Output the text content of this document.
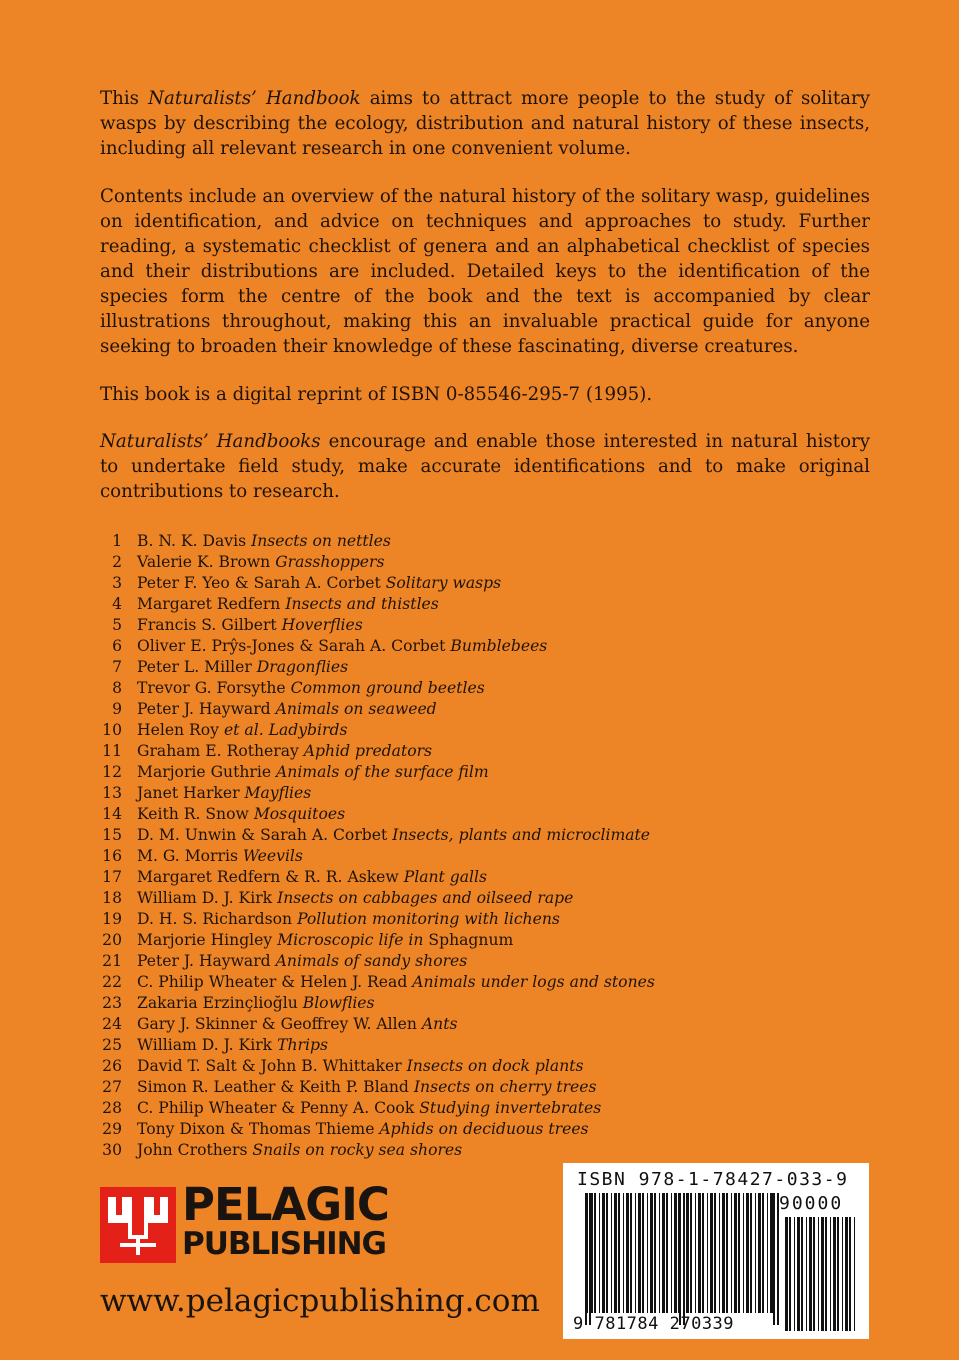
This Naturalists’ Handbook aims to attract more people to the study of solitary wasps by describing the ecology, distribution and natural history of these insects, including all relevant research in one convenient volume.

Contents include an overview of the natural history of the solitary wasp, guidelines on identification, and advice on techniques and approaches to study. Further reading, a systematic checklist of genera and an alphabetical checklist of species and their distributions are included. Detailed keys to the identification of the species form the centre of the book and the text is accompanied by clear illustrations throughout, making this an invaluable practical guide for anyone seeking to broaden their knowledge of these fascinating, diverse creatures.

This book is a digital reprint of ISBN 0-85546-295-7 (1995).

Naturalists’ Handbooks encourage and enable those interested in natural history to undertake field study, make accurate identifications and to make original contributions to research.

1 B. N. K. Davis Insects on nettles
2 Valerie K. Brown Grasshoppers
3 Peter F. Yeo & Sarah A. Corbet Solitary wasps
4 Margaret Redfern Insects and thistles
5 Francis S. Gilbert Hoverflies
6 Oliver E. Prŷs-Jones & Sarah A. Corbet Bumblebees
7 Peter L. Miller Dragonflies
8 Trevor G. Forsythe Common ground beetles
9 Peter J. Hayward Animals on seaweed
10 Helen Roy et al. Ladybirds
11 Graham E. Rotheray Aphid predators
12 Marjorie Guthrie Animals of the surface film
13 Janet Harker Mayflies
14 Keith R. Snow Mosquitoes
15 D. M. Unwin & Sarah A. Corbet Insects, plants and microclimate
16 M. G. Morris Weevils
17 Margaret Redfern & R. R. Askew Plant galls
18 William D. J. Kirk Insects on cabbages and oilseed rape
19 D. H. S. Richardson Pollution monitoring with lichens
20 Marjorie Hingley Microscopic life in Sphagnum
21 Peter J. Hayward Animals of sandy shores
22 C. Philip Wheater & Helen J. Read Animals under logs and stones
23 Zakaria Erzinçlioğlu Blowflies
24 Gary J. Skinner & Geoffrey W. Allen Ants
25 William D. J. Kirk Thrips
26 David T. Salt & John B. Whittaker Insects on dock plants
27 Simon R. Leather & Keith P. Bland Insects on cherry trees
28 C. Philip Wheater & Penny A. Cook Studying invertebrates
29 Tony Dixon & Thomas Thieme Aphids on deciduous trees
30 John Crothers Snails on rocky sea shores
PELAGIC
PUBLISHING
www.pelagicpublishing.com
ISBN 978-1-78427-033-9
90000
9 781784 270339
